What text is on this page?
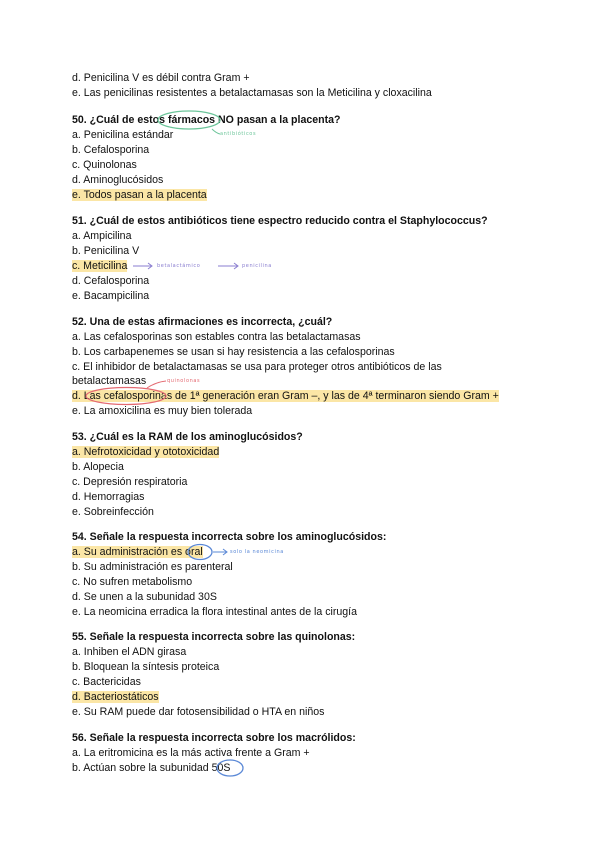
d. Penicilina V es débil contra Gram +
e. Las penicilinas resistentes a betalactamasas son la Meticilina y cloxacilina
50. ¿Cuál de estos fármacos NO pasan a la placenta?
a. Penicilina estándar
b. Cefalosporina
c. Quinolonas
d. Aminoglucósidos
e. Todos pasan a la placenta
antibióticos
51. ¿Cuál de estos antibióticos tiene espectro reducido contra el Staphylococcus?
a. Ampicilina
b. Penicilina V
c. Meticilina
d. Cefalosporina
e. Bacampicilina
betalactámico	penicilina
52. Una de estas afirmaciones es incorrecta, ¿cuál?
a. Las cefalosporinas son estables contra las betalactamasas
b. Los carbapenemes se usan si hay resistencia a las cefalosporinas
c. El inhibidor de betalactamasas se usa para proteger otros antibióticos de las
betalactamasas
d. Las cefalosporinas de 1ª generación eran Gram –, y las de 4ª terminaron siendo Gram +
e. La amoxicilina es muy bien tolerada
quinolonas
53. ¿Cuál es la RAM de los aminoglucósidos?
a. Nefrotoxicidad y ototoxicidad
b. Alopecia
c. Depresión respiratoria
d. Hemorragias
e. Sobreinfección
54. Señale la respuesta incorrecta sobre los aminoglucósidos:
a. Su administración es oral
b. Su administración es parenteral
c. No sufren metabolismo
d. Se unen a la subunidad 30S
e. La neomicina erradica la flora intestinal antes de la cirugía
solo la neomicina
55. Señale la respuesta incorrecta sobre las quinolonas:
a. Inhiben el ADN girasa
b. Bloquean la síntesis proteica
c. Bactericidas
d. Bacteriostáticos
e. Su RAM puede dar fotosensibilidad o HTA en niños
56. Señale la respuesta incorrecta sobre los macrólidos:
a. La eritromicina es la más activa frente a Gram +
b. Actúan sobre la subunidad 50S
